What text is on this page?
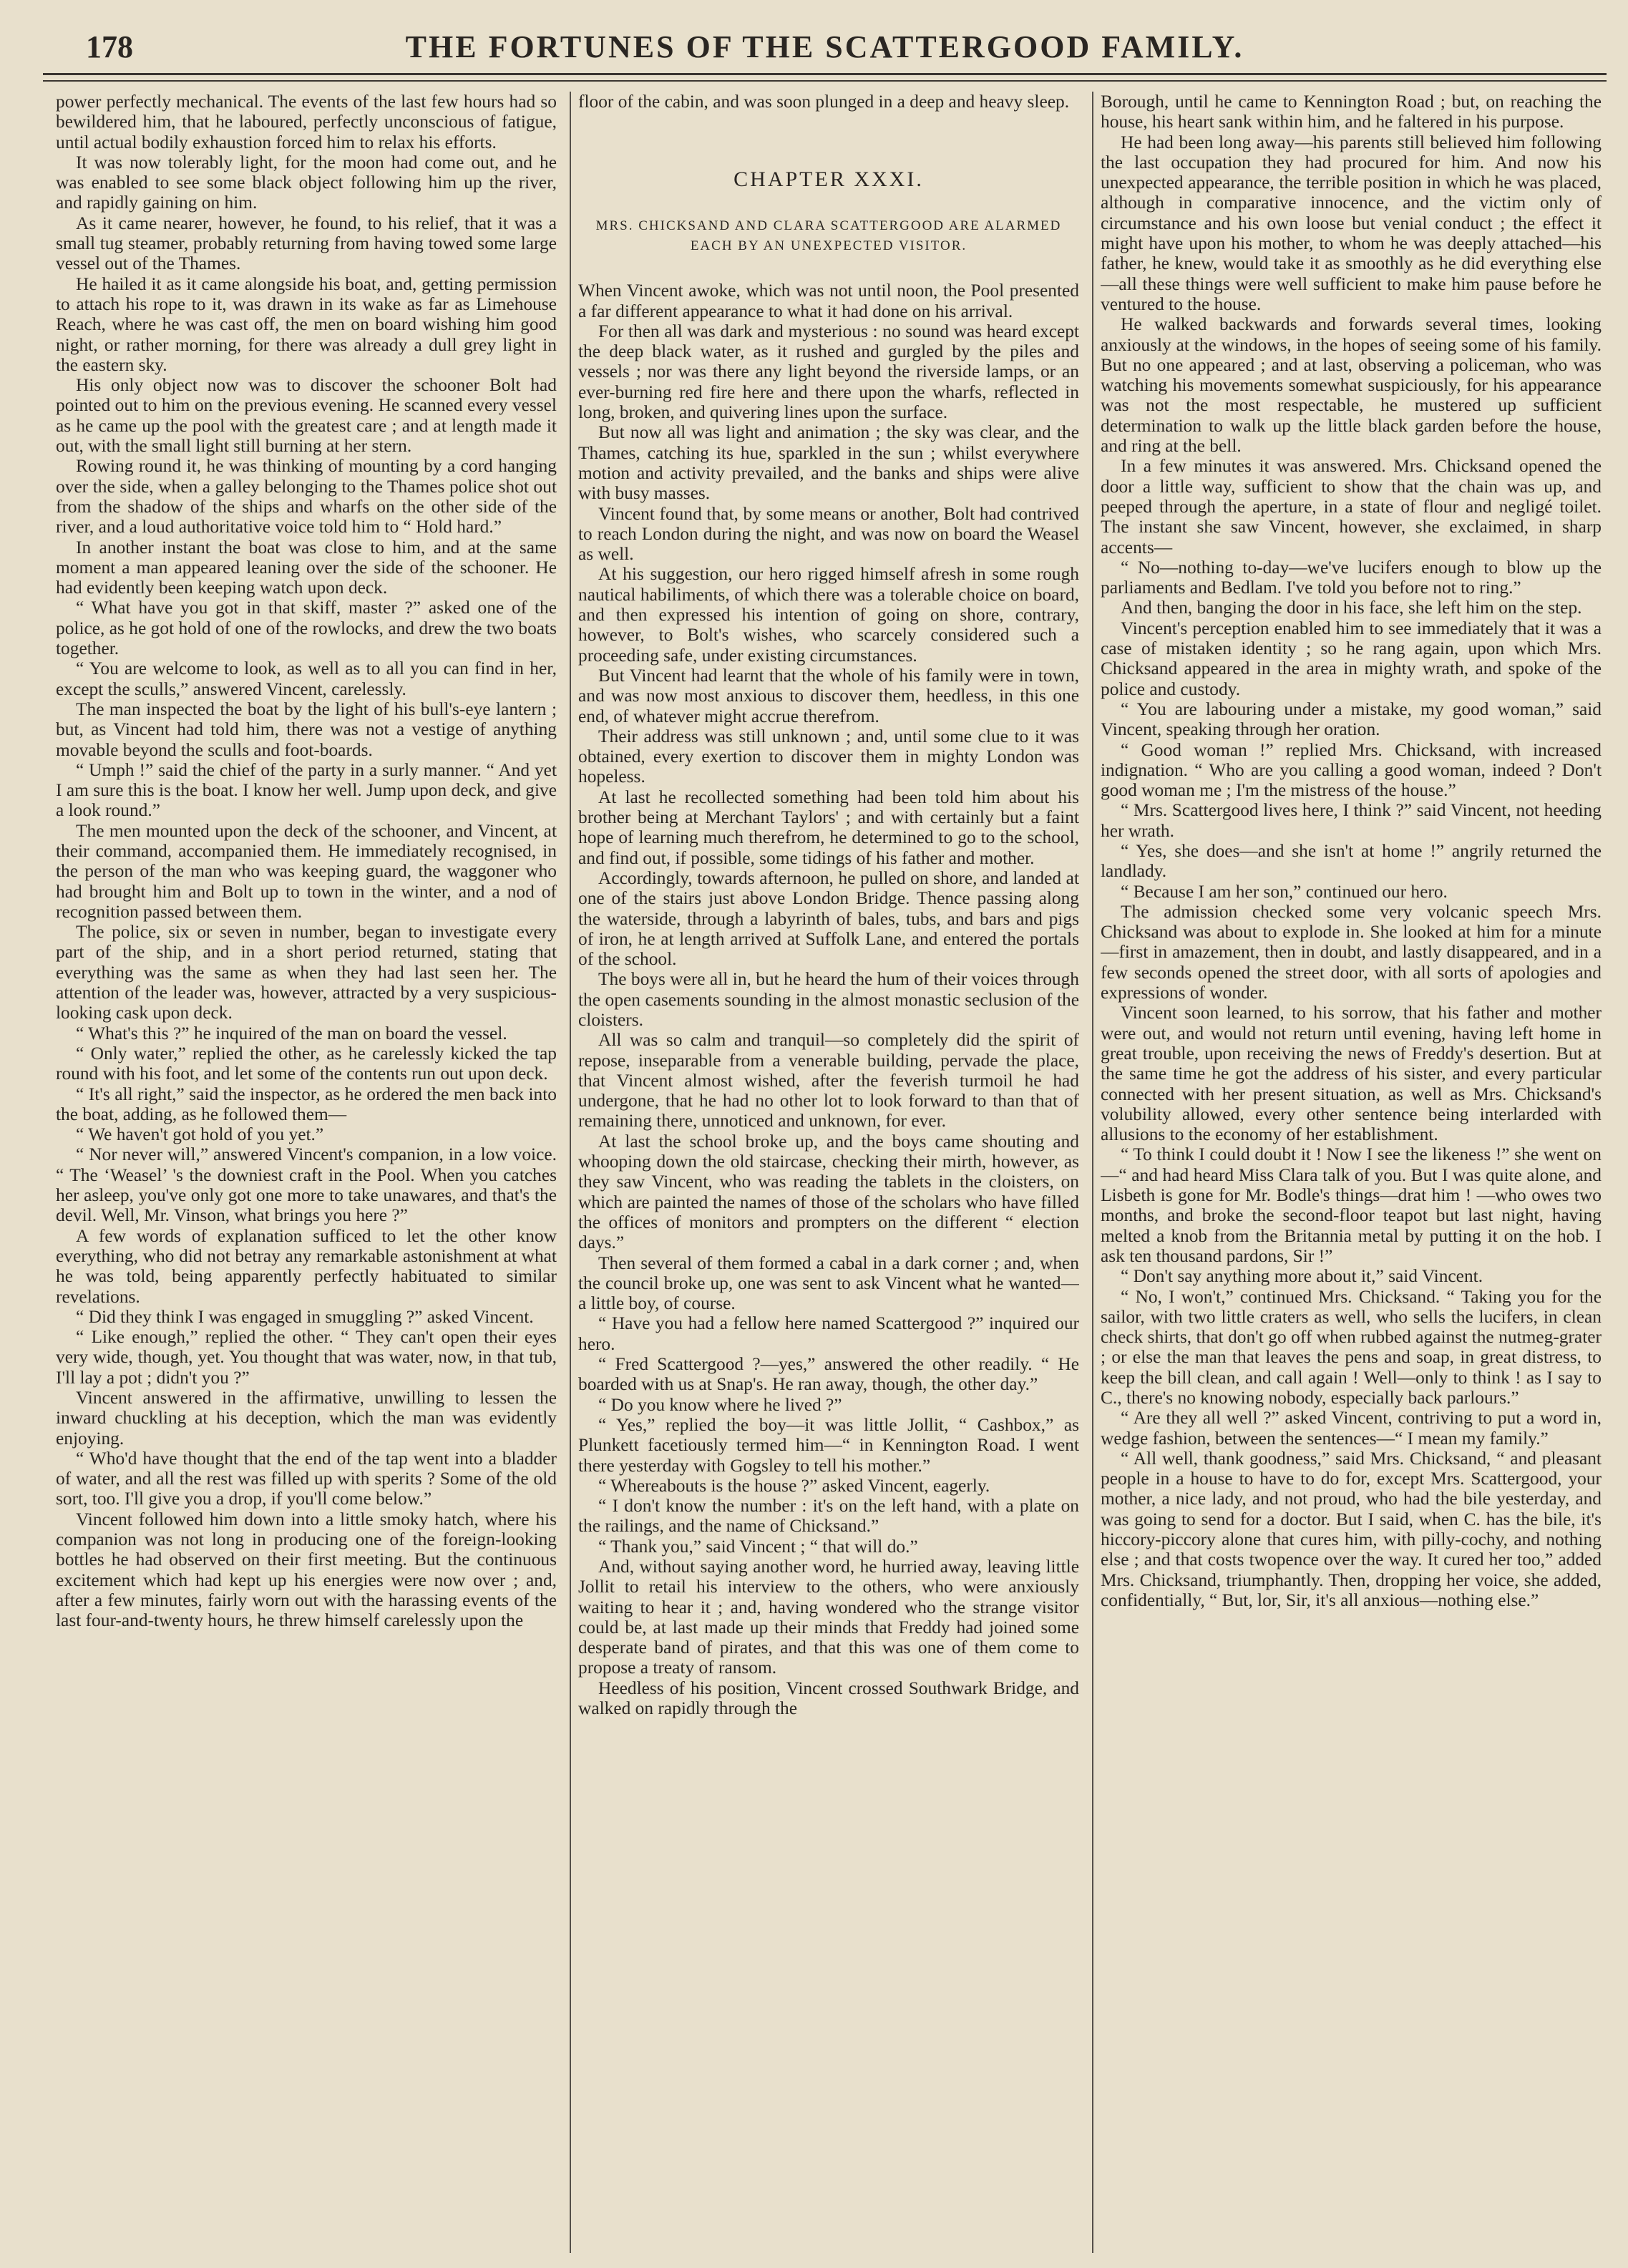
178	THE FORTUNES OF THE SCATTERGOOD FAMILY.

power perfectly mechanical. The events of the last few hours had so bewildered him, that he laboured, perfectly unconscious of fatigue, until actual bodily exhaustion forced him to relax his efforts.

It was now tolerably light, for the moon had come out, and he was enabled to see some black object following him up the river, and rapidly gaining on him.

As it came nearer, however, he found, to his relief, that it was a small tug steamer, probably returning from having towed some large vessel out of the Thames.

He hailed it as it came alongside his boat, and, getting permission to attach his rope to it, was drawn in its wake as far as Limehouse Reach, where he was cast off, the men on board wishing him good night, or rather morning, for there was already a dull grey light in the eastern sky.

His only object now was to discover the schooner Bolt had pointed out to him on the previous evening. He scanned every vessel as he came up the pool with the greatest care ; and at length made it out, with the small light still burning at her stern.

Rowing round it, he was thinking of mounting by a cord hanging over the side, when a galley belonging to the Thames police shot out from the shadow of the ships and wharfs on the other side of the river, and a loud authoritative voice told him to “ Hold hard.”

In another instant the boat was close to him, and at the same moment a man appeared leaning over the side of the schooner. He had evidently been keeping watch upon deck.

“ What have you got in that skiff, master ?” asked one of the police, as he got hold of one of the rowlocks, and drew the two boats together.

“ You are welcome to look, as well as to all you can find in her, except the sculls,” answered Vincent, carelessly.

The man inspected the boat by the light of his bull's-eye lantern ; but, as Vincent had told him, there was not a vestige of anything movable beyond the sculls and foot-boards.

“ Umph !” said the chief of the party in a surly manner. “ And yet I am sure this is the boat. I know her well. Jump upon deck, and give a look round.”

The men mounted upon the deck of the schooner, and Vincent, at their command, accompanied them. He immediately recognised, in the person of the man who was keeping guard, the waggoner who had brought him and Bolt up to town in the winter, and a nod of recognition passed between them.

The police, six or seven in number, began to investigate every part of the ship, and in a short period returned, stating that everything was the same as when they had last seen her. The attention of the leader was, however, attracted by a very suspicious-looking cask upon deck.

“ What's this ?” he inquired of the man on board the vessel.

“ Only water,” replied the other, as he carelessly kicked the tap round with his foot, and let some of the contents run out upon deck.

“ It's all right,” said the inspector, as he ordered the men back into the boat, adding, as he followed them—

“ We haven't got hold of you yet.”

“ Nor never will,” answered Vincent's companion, in a low voice. “ The ‘Weasel’ 's the downiest craft in the Pool. When you catches her asleep, you've only got one more to take unawares, and that's the devil. Well, Mr. Vinson, what brings you here ?”

A few words of explanation sufficed to let the other know everything, who did not betray any remarkable astonishment at what he was told, being apparently perfectly habituated to similar revelations.

“ Did they think I was engaged in smuggling ?” asked Vincent.

“ Like enough,” replied the other. “ They can't open their eyes very wide, though, yet. You thought that was water, now, in that tub, I'll lay a pot ; didn't you ?”

Vincent answered in the affirmative, unwilling to lessen the inward chuckling at his deception, which the man was evidently enjoying.

“ Who'd have thought that the end of the tap went into a bladder of water, and all the rest was filled up with sperits ? Some of the old sort, too. I'll give you a drop, if you'll come below.”

Vincent followed him down into a little smoky hatch, where his companion was not long in producing one of the foreign-looking bottles he had observed on their first meeting. But the continuous excitement which had kept up his energies were now over ; and, after a few minutes, fairly worn out with the harassing events of the last four-and-twenty hours, he threw himself carelessly upon the

floor of the cabin, and was soon plunged in a deep and heavy sleep.

CHAPTER XXXI.
MRS. CHICKSAND AND CLARA SCATTERGOOD ARE ALARMED EACH BY AN UNEXPECTED VISITOR.

When Vincent awoke, which was not until noon, the Pool presented a far different appearance to what it had done on his arrival.

For then all was dark and mysterious : no sound was heard except the deep black water, as it rushed and gurgled by the piles and vessels ; nor was there any light beyond the riverside lamps, or an ever-burning red fire here and there upon the wharfs, reflected in long, broken, and quivering lines upon the surface.

But now all was light and animation ; the sky was clear, and the Thames, catching its hue, sparkled in the sun ; whilst everywhere motion and activity prevailed, and the banks and ships were alive with busy masses.

Vincent found that, by some means or another, Bolt had contrived to reach London during the night, and was now on board the Weasel as well.

At his suggestion, our hero rigged himself afresh in some rough nautical habiliments, of which there was a tolerable choice on board, and then expressed his intention of going on shore, contrary, however, to Bolt's wishes, who scarcely considered such a proceeding safe, under existing circumstances.

But Vincent had learnt that the whole of his family were in town, and was now most anxious to discover them, heedless, in this one end, of whatever might accrue therefrom.

Their address was still unknown ; and, until some clue to it was obtained, every exertion to discover them in mighty London was hopeless.

At last he recollected something had been told him about his brother being at Merchant Taylors' ; and with certainly but a faint hope of learning much therefrom, he determined to go to the school, and find out, if possible, some tidings of his father and mother.

Accordingly, towards afternoon, he pulled on shore, and landed at one of the stairs just above London Bridge. Thence passing along the waterside, through a labyrinth of bales, tubs, and bars and pigs of iron, he at length arrived at Suffolk Lane, and entered the portals of the school.

The boys were all in, but he heard the hum of their voices through the open casements sounding in the almost monastic seclusion of the cloisters.

All was so calm and tranquil—so completely did the spirit of repose, inseparable from a venerable building, pervade the place, that Vincent almost wished, after the feverish turmoil he had undergone, that he had no other lot to look forward to than that of remaining there, unnoticed and unknown, for ever.

At last the school broke up, and the boys came shouting and whooping down the old staircase, checking their mirth, however, as they saw Vincent, who was reading the tablets in the cloisters, on which are painted the names of those of the scholars who have filled the offices of monitors and prompters on the different “ election days.”

Then several of them formed a cabal in a dark corner ; and, when the council broke up, one was sent to ask Vincent what he wanted—a little boy, of course.

“ Have you had a fellow here named Scattergood ?” inquired our hero.

“ Fred Scattergood ?—yes,” answered the other readily. “ He boarded with us at Snap's. He ran away, though, the other day.”

“ Do you know where he lived ?”

“ Yes,” replied the boy—it was little Jollit, “ Cashbox,” as Plunkett facetiously termed him—“ in Kennington Road. I went there yesterday with Gogsley to tell his mother.”

“ Whereabouts is the house ?” asked Vincent, eagerly.

“ I don't know the number : it's on the left hand, with a plate on the railings, and the name of Chicksand.”

“ Thank you,” said Vincent ; “ that will do.”

And, without saying another word, he hurried away, leaving little Jollit to retail his interview to the others, who were anxiously waiting to hear it ; and, having wondered who the strange visitor could be, at last made up their minds that Freddy had joined some desperate band of pirates, and that this was one of them come to propose a treaty of ransom.

Heedless of his position, Vincent crossed Southwark Bridge, and walked on rapidly through the

Borough, until he came to Kennington Road ; but, on reaching the house, his heart sank within him, and he faltered in his purpose.

He had been long away—his parents still believed him following the last occupation they had procured for him. And now his unexpected appearance, the terrible position in which he was placed, although in comparative innocence, and the victim only of circumstance and his own loose but venial conduct ; the effect it might have upon his mother, to whom he was deeply attached—his father, he knew, would take it as smoothly as he did everything else—all these things were well sufficient to make him pause before he ventured to the house.

He walked backwards and forwards several times, looking anxiously at the windows, in the hopes of seeing some of his family. But no one appeared ; and at last, observing a policeman, who was watching his movements somewhat suspiciously, for his appearance was not the most respectable, he mustered up sufficient determination to walk up the little black garden before the house, and ring at the bell.

In a few minutes it was answered. Mrs. Chicksand opened the door a little way, sufficient to show that the chain was up, and peeped through the aperture, in a state of flour and negligé toilet. The instant she saw Vincent, however, she exclaimed, in sharp accents—

“ No—nothing to-day—we've lucifers enough to blow up the parliaments and Bedlam. I've told you before not to ring.”

And then, banging the door in his face, she left him on the step.

Vincent's perception enabled him to see immediately that it was a case of mistaken identity ; so he rang again, upon which Mrs. Chicksand appeared in the area in mighty wrath, and spoke of the police and custody.

“ You are labouring under a mistake, my good woman,” said Vincent, speaking through her oration.

“ Good woman !” replied Mrs. Chicksand, with increased indignation. “ Who are you calling a good woman, indeed ? Don't good woman me ; I'm the mistress of the house.”

“ Mrs. Scattergood lives here, I think ?” said Vincent, not heeding her wrath.

“ Yes, she does—and she isn't at home !” angrily returned the landlady.

“ Because I am her son,” continued our hero.

The admission checked some very volcanic speech Mrs. Chicksand was about to explode in. She looked at him for a minute—first in amazement, then in doubt, and lastly disappeared, and in a few seconds opened the street door, with all sorts of apologies and expressions of wonder.

Vincent soon learned, to his sorrow, that his father and mother were out, and would not return until evening, having left home in great trouble, upon receiving the news of Freddy's desertion. But at the same time he got the address of his sister, and every particular connected with her present situation, as well as Mrs. Chicksand's volubility allowed, every other sentence being interlarded with allusions to the economy of her establishment.

“ To think I could doubt it ! Now I see the likeness !” she went on—“ and had heard Miss Clara talk of you. But I was quite alone, and Lisbeth is gone for Mr. Bodle's things—drat him ! —who owes two months, and broke the second-floor teapot but last night, having melted a knob from the Britannia metal by putting it on the hob. I ask ten thousand pardons, Sir !”

“ Don't say anything more about it,” said Vincent.

“ No, I won't,” continued Mrs. Chicksand. “ Taking you for the sailor, with two little craters as well, who sells the lucifers, in clean check shirts, that don't go off when rubbed against the nutmeg-grater ; or else the man that leaves the pens and soap, in great distress, to keep the bill clean, and call again ! Well—only to think ! as I say to C., there's no knowing nobody, especially back parlours.”

“ Are they all well ?” asked Vincent, contriving to put a word in, wedge fashion, between the sentences—“ I mean my family.”

“ All well, thank goodness,” said Mrs. Chicksand, “ and pleasant people in a house to have to do for, except Mrs. Scattergood, your mother, a nice lady, and not proud, who had the bile yesterday, and was going to send for a doctor. But I said, when C. has the bile, it's hiccory-piccory alone that cures him, with pilly-cochy, and nothing else ; and that costs twopence over the way. It cured her too,” added Mrs. Chicksand, triumphantly. Then, dropping her voice, she added, confidentially, “ But, lor, Sir, it's all anxious—nothing else.”
